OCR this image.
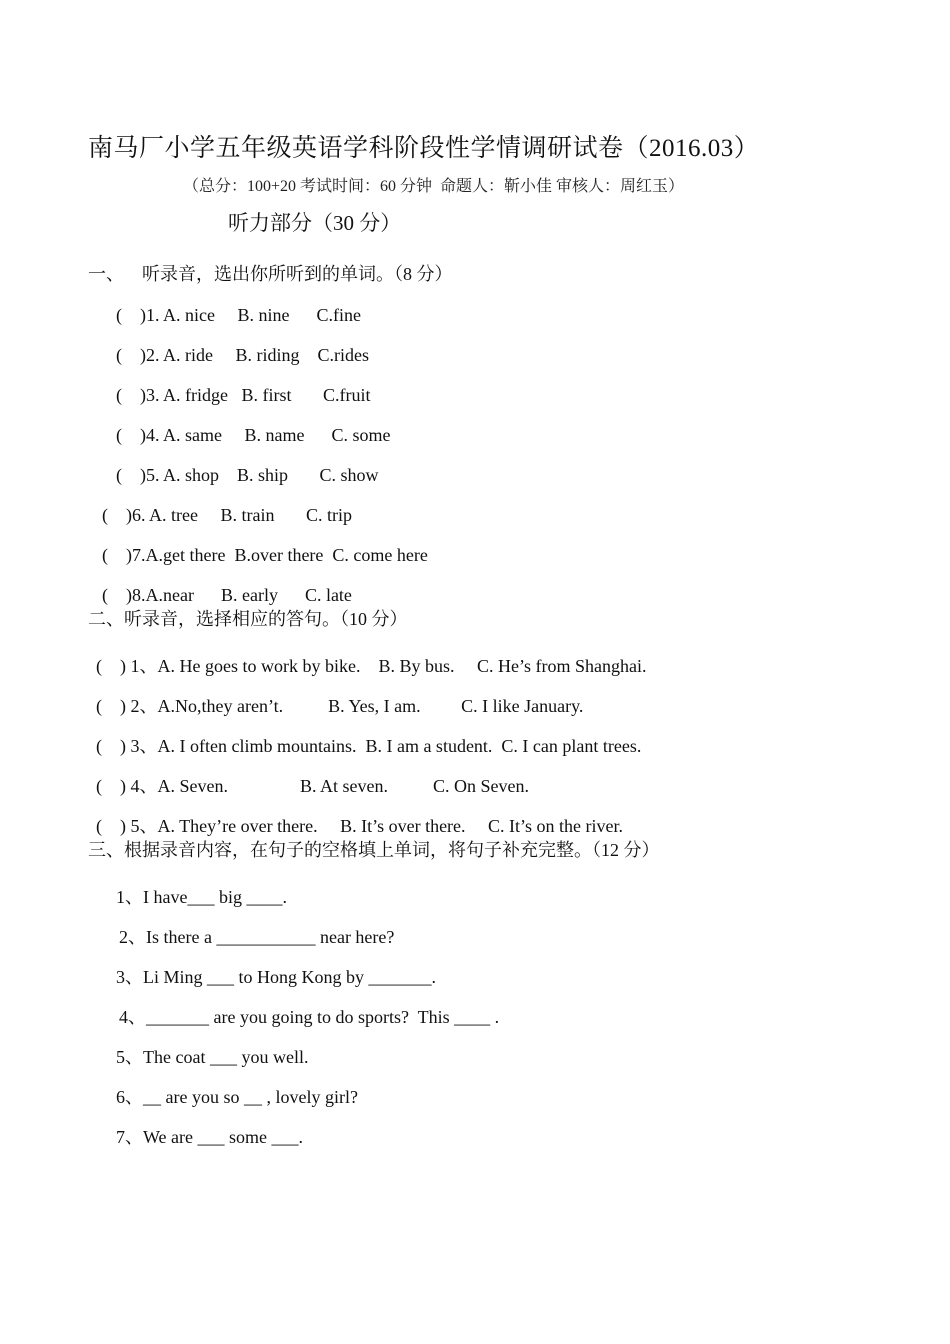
南马厂小学五年级英语学科阶段性学情调研试卷（2016.03）
（总分：100+20 考试时间：60 分钟  命题人：靳小佳 审核人：周红玉）
听力部分（30 分）
一、    听录音，选出你所听到的单词。（8 分）
(    )1. A. nice     B. nine      C.fine
(    )2. A. ride     B. riding    C.rides
(    )3. A. fridge   B. first       C.fruit
(    )4. A. same     B. name      C. some
(    )5. A. shop    B. ship       C. show
(    )6. A. tree     B. train       C. trip
(    )7.A.get there  B.over there  C. come here
(    )8.A.near      B. early      C. late
二、听录音，选择相应的答句。（10 分）
(    ) 1、A. He goes to work by bike.    B. By bus.     C. He’s from Shanghai.
(    ) 2、A.No,they aren’t.          B. Yes, I am.         C. I like January.
(    ) 3、A. I often climb mountains.  B. I am a student.  C. I can plant trees.
(    ) 4、A. Seven.                B. At seven.          C. On Seven.
(    ) 5、A. They’re over there.     B. It’s over there.     C. It’s on the river.
三、根据录音内容，在句子的空格填上单词，将句子补充完整。（12 分）
1、I have___ big ____.
2、Is there a ___________ near here?
3、Li Ming ___ to Hong Kong by _______.
4、_______ are you going to do sports?  This ____ .
5、The coat ___ you well.
6、__ are you so __ , lovely girl?
7、We are ___ some ___.
